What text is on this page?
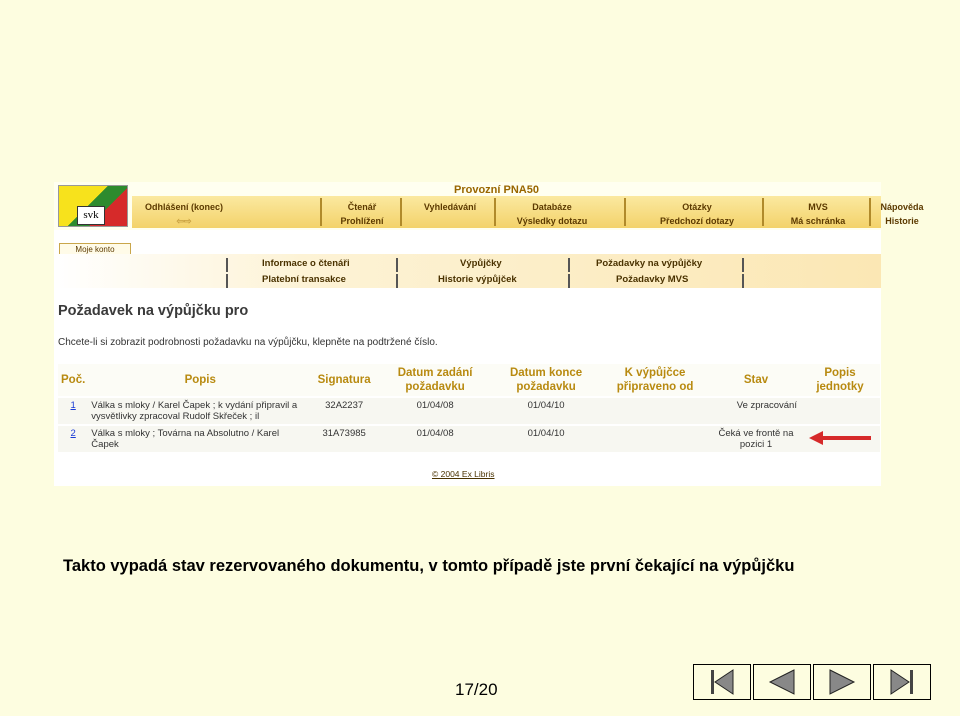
svk
Provozní PNA50
Odhlášení (konec)
⇦⇨
Čtenář
Prohlížení
Vyhledávání	Databáze
Výsledky dotazu
Otázky
Předchozí dotazy
MVS
Má schránka
Nápověda
Historie
Moje konto
Informace o čtenáři	Výpůjčky	Požadavky na výpůjčky
Platební transakce	Historie výpůjček	Požadavky MVS
Požadavek na výpůjčku pro
Chcete-li si zobrazit podrobnosti požadavku na výpůjčku, klepněte na podtržené číslo.
Poč.	Popis	Signatura	Datum zadání požadavku	Datum konce požadavku	K výpůjčce připraveno od	Stav	Popis jednotky
1	Válka s mloky / Karel Čapek ; k vydání připravil a vysvětlivky zpracoval Rudolf Skřeček ; il	32A2237	01/04/08	01/04/10		Ve zpracování	
2	Válka s mloky ; Továrna na Absolutno / Karel Čapek	31A73985	01/04/08	01/04/10		Čeká ve frontě na pozici 1	
© 2004 Ex Libris
Takto vypadá stav rezervovaného dokumentu, v tomto případě jste první čekající na výpůjčku
17/20
